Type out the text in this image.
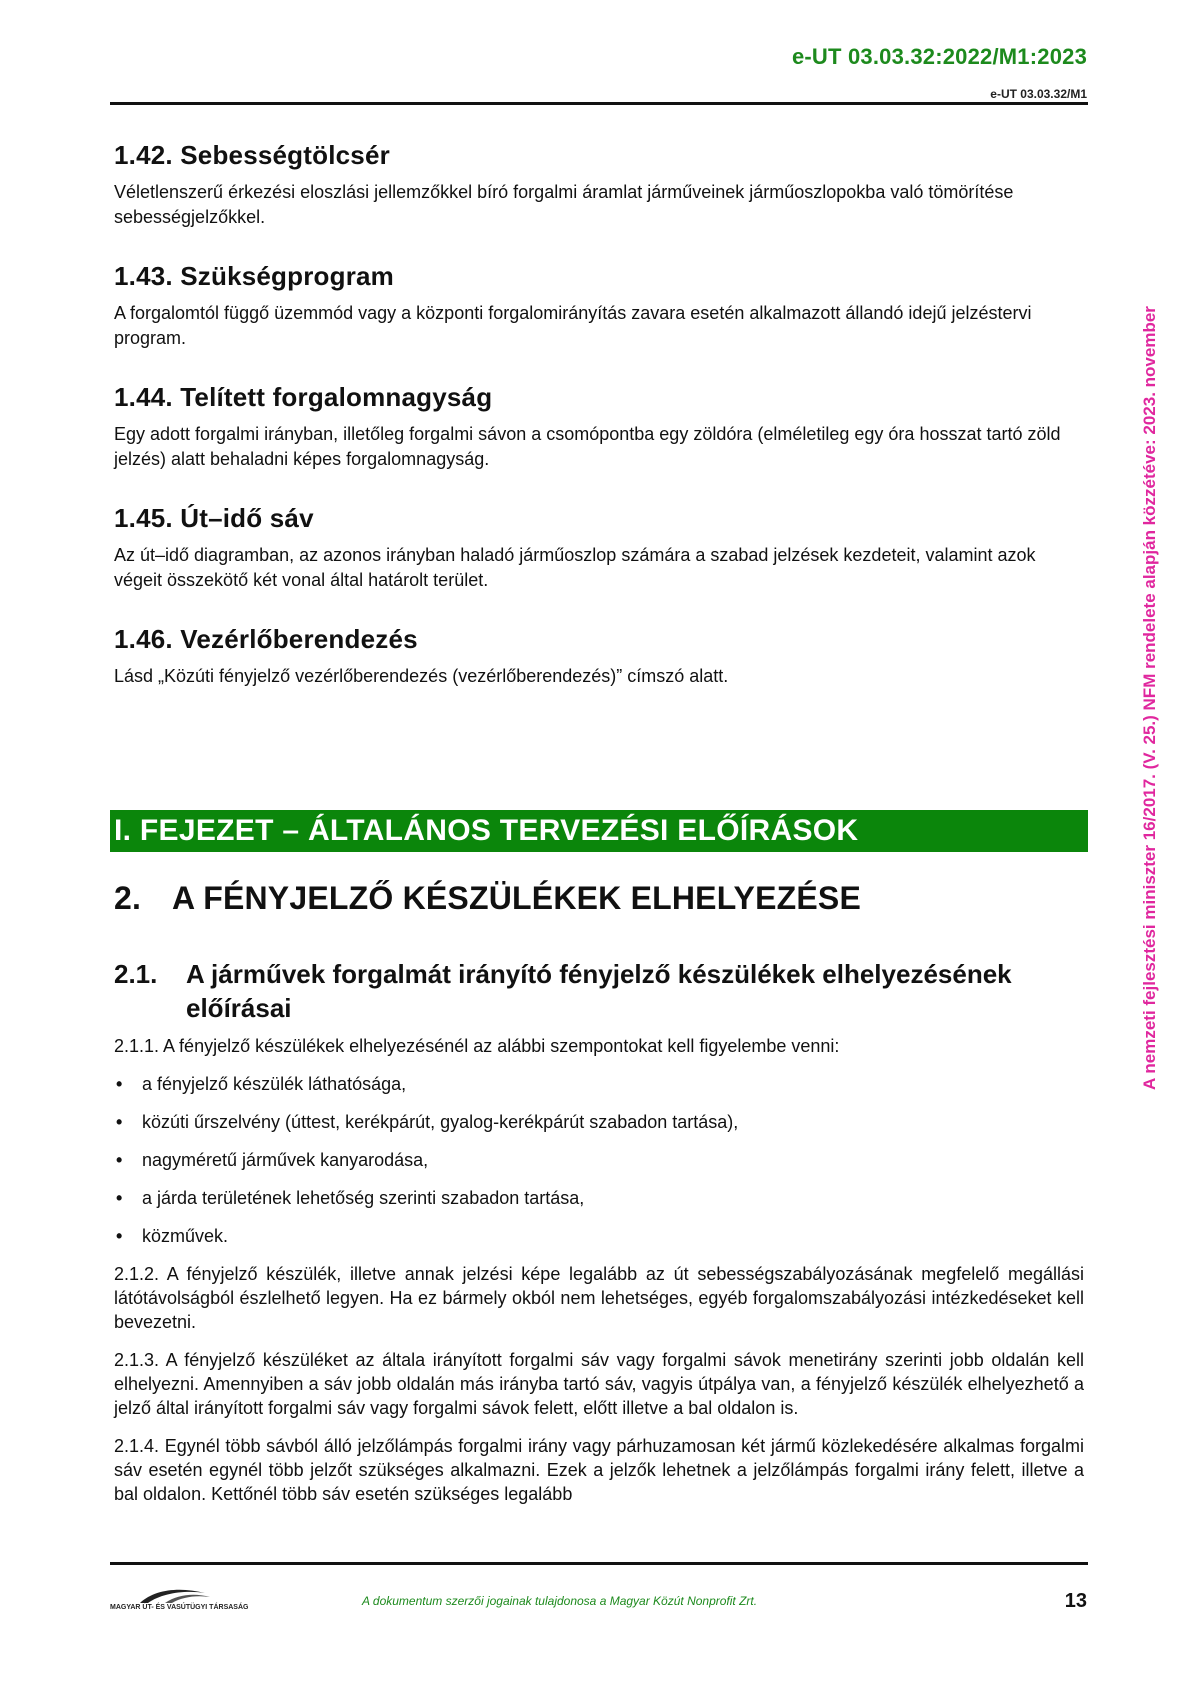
e-UT 03.03.32:2022/M1:2023
e-UT 03.03.32/M1
1.42. Sebességtölcsér

Véletlenszerű érkezési eloszlási jellemzőkkel bíró forgalmi áramlat járműveinek járműoszlopokba való tömörítése sebességjelzőkkel.

1.43. Szükségprogram

A forgalomtól függő üzemmód vagy a központi forgalomirányítás zavara esetén alkalmazott állandó idejű jelzéstervi program.

1.44. Telített forgalomnagyság

Egy adott forgalmi irányban, illetőleg forgalmi sávon a csomópontba egy zöldóra (elméletileg egy óra hosszat tartó zöld jelzés) alatt behaladni képes forgalomnagyság.

1.45. Út–idő sáv

Az út–idő diagramban, az azonos irányban haladó járműoszlop számára a szabad jelzések kezdeteit, valamint azok végeit összekötő két vonal által határolt terület.

1.46. Vezérlőberendezés

Lásd „Közúti fényjelző vezérlőberendezés (vezérlőberendezés)” címszó alatt.

I. FEJEZET – ÁLTALÁNOS TERVEZÉSI ELŐÍRÁSOK
2. A FÉNYJELZŐ KÉSZÜLÉKEK ELHELYEZÉSE
2.1. A járművek forgalmát irányító fényjelző készülékek elhelyezésének előírásai

2.1.1. A fényjelző készülékek elhelyezésénél az alábbi szempontokat kell figyelembe venni:

• a fényjelző készülék láthatósága,
• közúti űrszelvény (úttest, kerékpárút, gyalog-kerékpárút szabadon tartása),
• nagyméretű járművek kanyarodása,
• a járda területének lehetőség szerinti szabadon tartása,
• közművek.

2.1.2. A fényjelző készülék, illetve annak jelzési képe legalább az út sebességszabályozásának megfelelő megállási látótávolságból észlelhető legyen. Ha ez bármely okból nem lehetséges, egyéb forgalomszabályozási intézkedéseket kell bevezetni.

2.1.3. A fényjelző készüléket az általa irányított forgalmi sáv vagy forgalmi sávok menetirány szerinti jobb oldalán kell elhelyezni. Amennyiben a sáv jobb oldalán más irányba tartó sáv, vagyis útpálya van, a fényjelző készülék elhelyezhető a jelző által irányított forgalmi sáv vagy forgalmi sávok felett, előtt illetve a bal oldalon is.

2.1.4. Egynél több sávból álló jelzőlámpás forgalmi irány vagy párhuzamosan két jármű közlekedésére alkalmas forgalmi sáv esetén egynél több jelzőt szükséges alkalmazni. Ezek a jelzők lehetnek a jelzőlámpás forgalmi irány felett, illetve a bal oldalon. Kettőnél több sáv esetén szükséges legalább

MAGYAR ÚT- ÉS VASÚTÜGYI TÁRSASÁG	A dokumentum szerzői jogainak tulajdonosa a Magyar Közút Nonprofit Zrt.	13
A nemzeti fejlesztési miniszter 16/2017. (V. 25.) NFM rendelete alapján közzétéve: 2023. november
